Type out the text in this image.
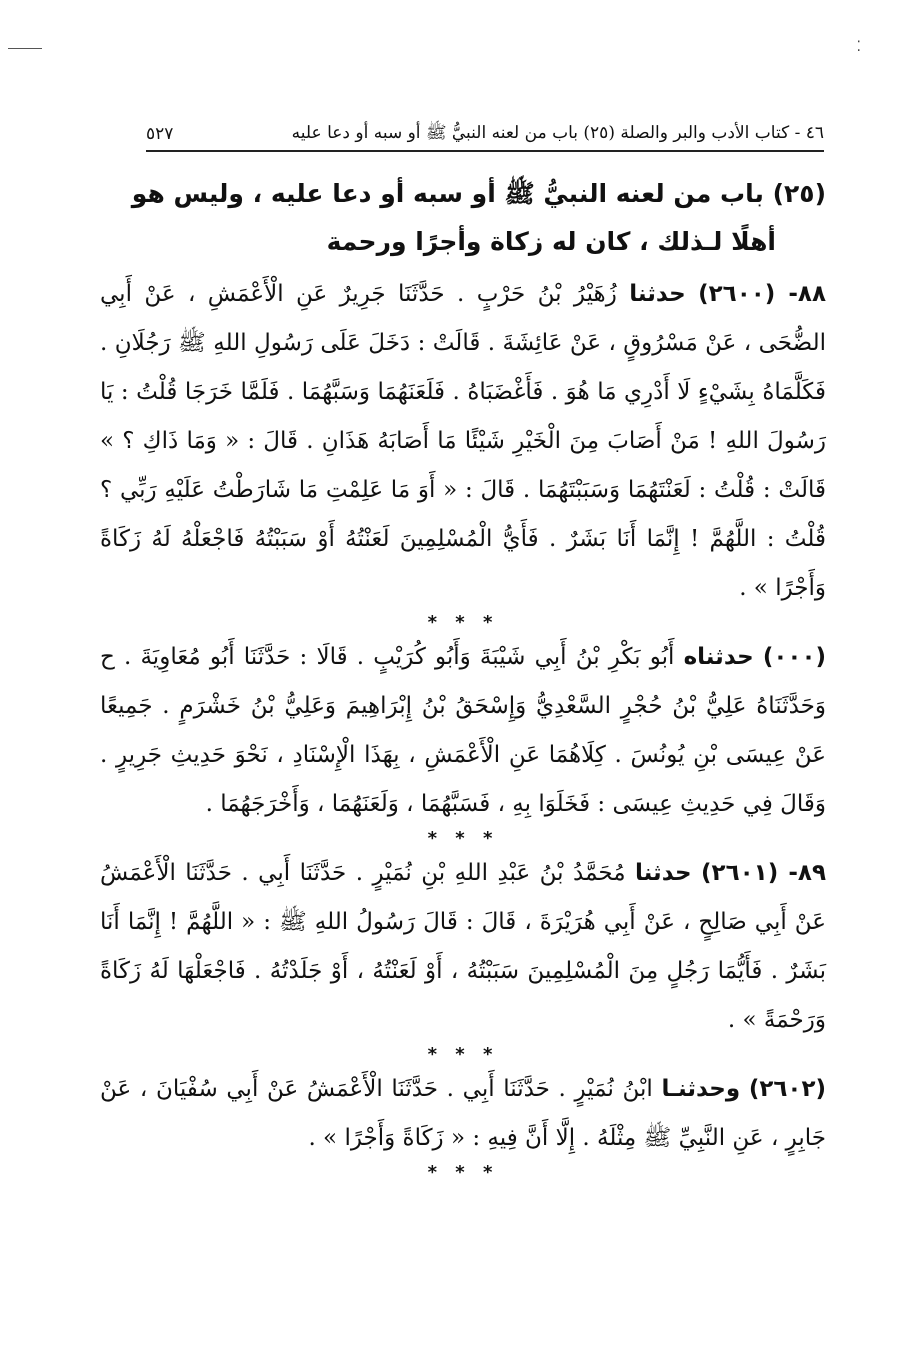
⁚
٤٦ - كتاب الأدب والبر والصلة (٢٥) باب من لعنه النبيُّ ﷺ أو سبه أو دعا عليه
٥٢٧
(٢٥) باب من لعنه النبيُّ ﷺ أو سبه أو دعا عليه ، وليس هو
أهلًا لـذلك ، كان له زكاة وأجرًا ورحمة

٨٨- (٢٦٠٠) حدثنا زُهَيْرُ بْنُ حَرْبٍ . حَدَّثَنَا جَرِيرٌ عَنِ الْأَعْمَشِ ، عَنْ أَبِي الضُّحَى ، عَنْ مَسْرُوقٍ ، عَنْ عَائِشَةَ . قَالَتْ : دَخَلَ عَلَى رَسُولِ اللهِ ﷺ رَجُلَانِ . فَكَلَّمَاهُ بِشَيْءٍ لَا أَدْرِي مَا هُوَ . فَأَغْضَبَاهُ . فَلَعَنَهُمَا وَسَبَّهُمَا . فَلَمَّا خَرَجَا قُلْتُ : يَا رَسُولَ اللهِ ! مَنْ أَصَابَ مِنَ الْخَيْرِ شَيْئًا مَا أَصَابَهُ هَذَانِ . قَالَ : « وَمَا ذَاكِ ؟ » قَالَتْ : قُلْتُ : لَعَنْتَهُمَا وَسَبَبْتَهُمَا . قَالَ : « أَوَ مَا عَلِمْتِ مَا شَارَطْتُ عَلَيْهِ رَبِّي ؟ قُلْتُ : اللَّهُمَّ ! إِنَّمَا أَنَا بَشَرٌ . فَأَيُّ الْمُسْلِمِينَ لَعَنْتُهُ أَوْ سَبَبْتُهُ فَاجْعَلْهُ لَهُ زَكَاةً وَأَجْرًا » .

* * *

(٠٠٠) حدثناه أَبُو بَكْرِ بْنُ أَبِي شَيْبَةَ وَأَبُو كُرَيْبٍ . قَالَا : حَدَّثَنَا أَبُو مُعَاوِيَةَ . ح وَحَدَّثَنَاهُ عَلِيُّ بْنُ حُجْرٍ السَّعْدِيُّ وَإِسْحَقُ بْنُ إِبْرَاهِيمَ وَعَلِيُّ بْنُ خَشْرَمٍ . جَمِيعًا عَنْ عِيسَى بْنِ يُونُسَ . كِلَاهُمَا عَنِ الْأَعْمَشِ ، بِهَذَا الْإِسْنَادِ ، نَحْوَ حَدِيثِ جَرِيرٍ . وَقَالَ فِي حَدِيثِ عِيسَى : فَخَلَوَا بِهِ ، فَسَبَّهُمَا ، وَلَعَنَهُمَا ، وَأَخْرَجَهُمَا .

* * *

٨٩- (٢٦٠١) حدثنا مُحَمَّدُ بْنُ عَبْدِ اللهِ بْنِ نُمَيْرٍ . حَدَّثَنَا أَبِي . حَدَّثَنَا الْأَعْمَشُ عَنْ أَبِي صَالِحٍ ، عَنْ أَبِي هُرَيْرَةَ ، قَالَ : قَالَ رَسُولُ اللهِ ﷺ : « اللَّهُمَّ ! إِنَّمَا أَنَا بَشَرٌ . فَأَيُّمَا رَجُلٍ مِنَ الْمُسْلِمِينَ سَبَبْتُهُ ، أَوْ لَعَنْتُهُ ، أَوْ جَلَدْتُهُ . فَاجْعَلْهَا لَهُ زَكَاةً وَرَحْمَةً » .

* * *

(٢٦٠٢) وحدثنـا ابْنُ نُمَيْرٍ . حَدَّثَنَا أَبِي . حَدَّثَنَا الْأَعْمَشُ عَنْ أَبِي سُفْيَانَ ، عَنْ جَابِرٍ ، عَنِ النَّبِيِّ ﷺ مِثْلَهُ . إِلَّا أَنَّ فِيهِ : « زَكَاةً وَأَجْرًا » .

* * *
